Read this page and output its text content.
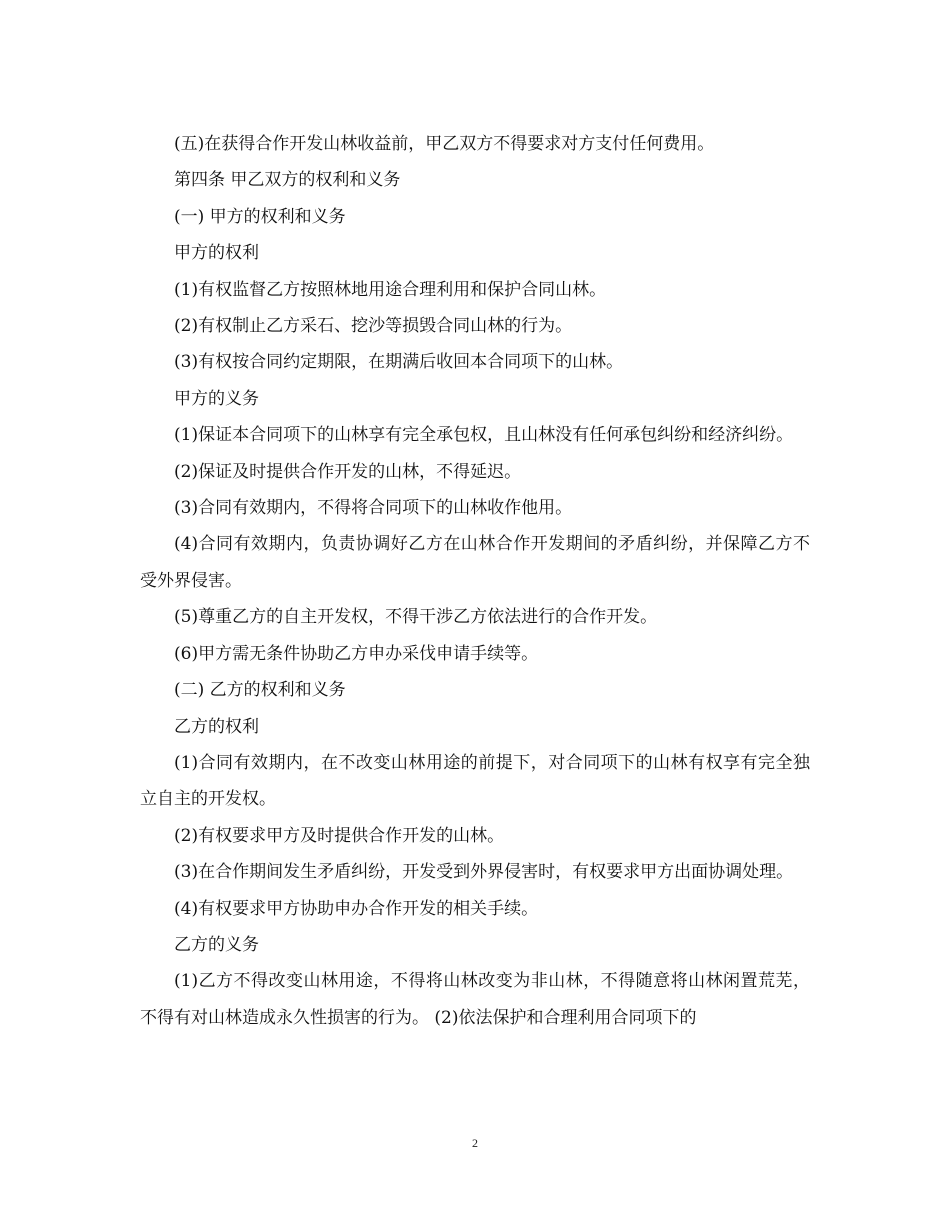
(五)在获得合作开发山林收益前，甲乙双方不得要求对方支付任何费用。

第四条 甲乙双方的权利和义务

(一) 甲方的权利和义务

甲方的权利

(1)有权监督乙方按照林地用途合理利用和保护合同山林。

(2)有权制止乙方采石、挖沙等损毁合同山林的行为。

(3)有权按合同约定期限，在期满后收回本合同项下的山林。

甲方的义务

(1)保证本合同项下的山林享有完全承包权，且山林没有任何承包纠纷和经济纠纷。

(2)保证及时提供合作开发的山林，不得延迟。

(3)合同有效期内，不得将合同项下的山林收作他用。

(4)合同有效期内，负责协调好乙方在山林合作开发期间的矛盾纠纷，并保障乙方不受外界侵害。

(5)尊重乙方的自主开发权，不得干涉乙方依法进行的合作开发。

(6)甲方需无条件协助乙方申办采伐申请手续等。

(二) 乙方的权利和义务

乙方的权利

(1)合同有效期内，在不改变山林用途的前提下，对合同项下的山林有权享有完全独立自主的开发权。

(2)有权要求甲方及时提供合作开发的山林。

(3)在合作期间发生矛盾纠纷，开发受到外界侵害时，有权要求甲方出面协调处理。

(4)有权要求甲方协助申办合作开发的相关手续。

乙方的义务

(1)乙方不得改变山林用途，不得将山林改变为非山林，不得随意将山林闲置荒芜，不得有对山林造成永久性损害的行为。 (2)依法保护和合理利用合同项下的

2
